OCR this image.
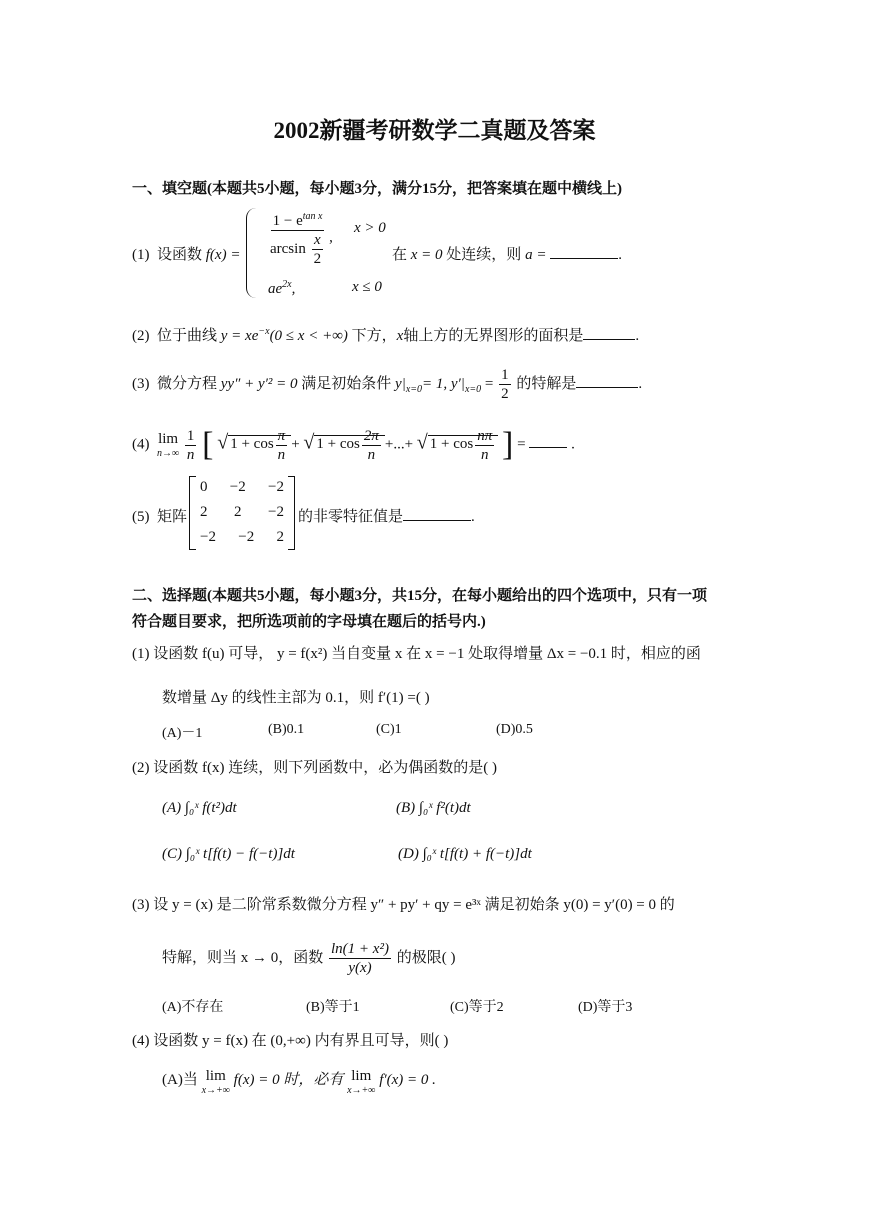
2002新疆考研数学二真题及答案
一、填空题(本题共5小题，每小题3分，满分15分，把答案填在题中横线上)
(1) 设函数 $f(x) = \frac{1 - e^{tan x}}{\arcsin \frac{x}{2}}$ ,
x > 0
$ae^{2x}$,	x ≤ 0
在 x = 0 处连续，则 a =	.
(2) 位于曲线 $y = xe^{-x}(0 \le x$ < +∞) 下方，x轴上方的无界图形的面积是	.
(3) 微分方程 yy″ + y′² = 0 满足初始条件 $y|_{x=0}= 1$, $y'|_{x=0} = \frac{1}{2}$ 的特解是	.
(4) lim
n→∞
$\frac{1}{n}$ [ √ $1 + \cos \frac{\pi}{n}$ + √ $1 + \cos \frac{2\pi}{n}$ +...+ √ $1 + \cos \frac{n\pi}{n}$ ] =	.
(5) 矩阵
0 −2 −2
2 2 −2
−2 −2 2
的非零特征值是	.
二、选择题(本题共5小题，每小题3分，共15分，在每小题给出的四个选项中，只有一项
符合题目要求，把所选项前的字母填在题后的括号内.)
(1) 设函数 f(u) 可导， y = f(x²) 当自变量 x 在 x = −1 处取得增量 Δx = −0.1 时，相应的函
数增量 Δy 的线性主部为 0.1，则 f′(1) =( )
(A)－1	(B)0.1	(C)1	(D)0.5
(2) 设函数 f(x) 连续，则下列函数中，必为偶函数的是( )
(A) ∫₀ˣ f(t²)dt	(B) ∫₀ˣ f²(t)dt
(C) ∫₀ˣ t[f(t) − f(−t)]dt	(D) ∫₀ˣ t[f(t) + f(−t)]dt
(3) 设 y = (x) 是二阶常系数微分方程 y″ + py′ + qy = e³ˣ 满足初始条 y(0) = y′(0) = 0 的
特解，则当 x → 0，函数 $\frac{\text{ln(1 + x²)}}{y(x)}$ 的极限( )
(A)不存在	(B)等于1	(C)等于2	(D)等于3
(4) 设函数 y = f(x) 在 (0,+∞) 内有界且可导，则( )
(A)当 lim
x→+∞
f(x) = 0 时，必有 lim
x→+∞
f′(x) = 0 .
